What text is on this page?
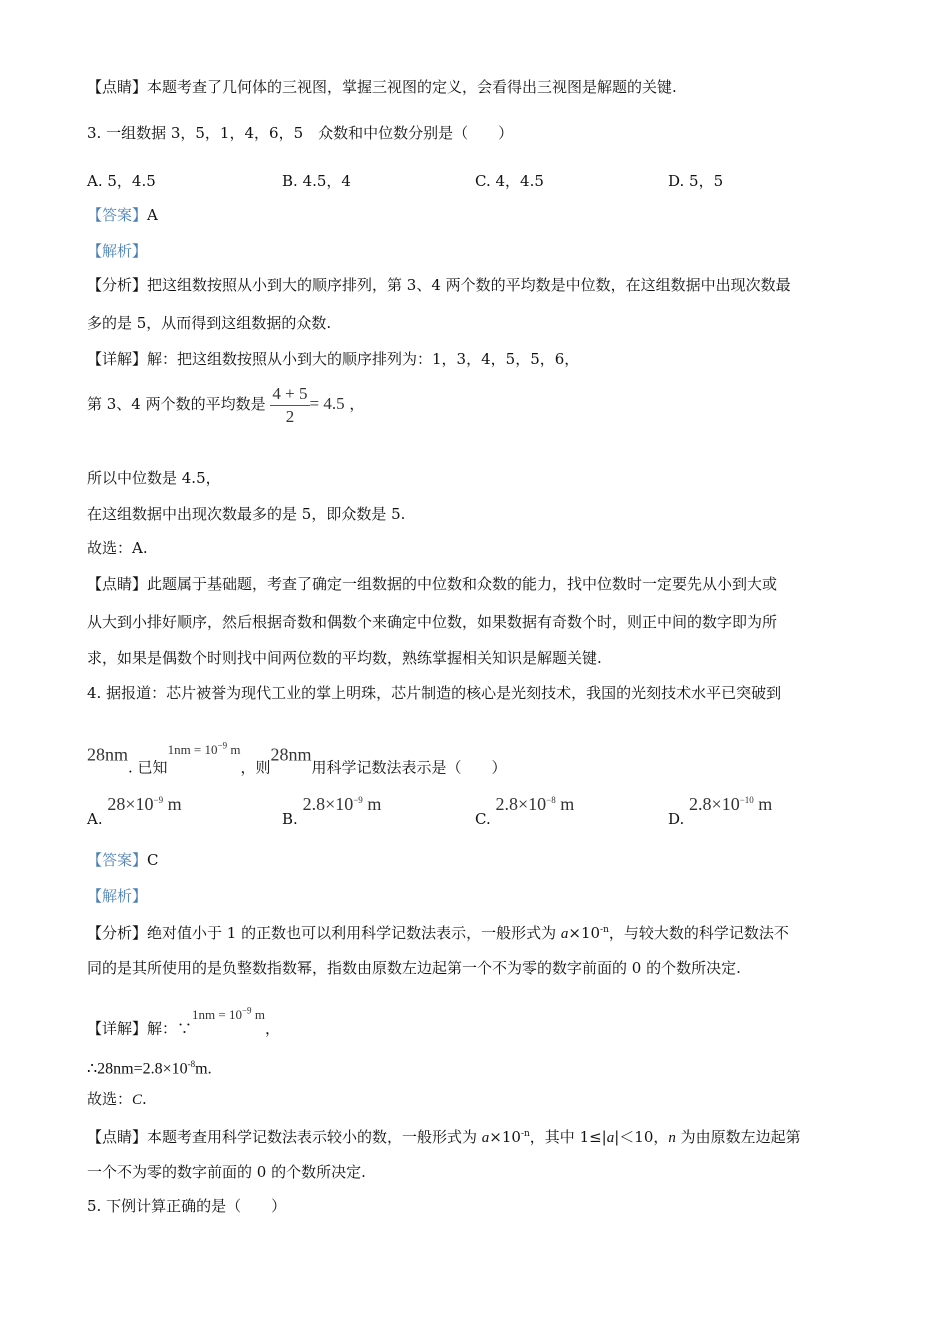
【点睛】本题考查了几何体的三视图，掌握三视图的定义，会看得出三视图是解题的关键.
3. 一组数据 3，5，1，4，6，5　众数和中位数分别是（　　）
A. 5，4.5	B. 4.5，4	C. 4，4.5	D. 5，5
【答案】A
【解析】
【分析】把这组数按照从小到大的顺序排列，第 3、4 两个数的平均数是中位数，在这组数据中出现次数最
多的是 5，从而得到这组数据的众数.
【详解】解：把这组数按照从小到大的顺序排列为：1，3，4，5，5，6，
第 3、4 两个数的平均数是 $\frac{4 + 5}{2} = 4.5$ ，
所以中位数是 4.5，
在这组数据中出现次数最多的是 5，即众数是 5.
故选：A.
【点睛】此题属于基础题，考查了确定一组数据的中位数和众数的能力，找中位数时一定要先从小到大或
从大到小排好顺序，然后根据奇数和偶数个来确定中位数，如果数据有奇数个时，则正中间的数字即为所
求，如果是偶数个时则找中间两位数的平均数，熟练掌握相关知识是解题关键.
4. 据报道：芯片被誉为现代工业的掌上明珠，芯片制造的核心是光刻技术，我国的光刻技术水平已突破到
28nm. 已知$1nm = 10^{-9}$ m，则28nm用科学记数法表示是（　　）
A. $28\times 10^{-9}$ m
B. $2.8\times 10^{-9}$ m
C. $2.8\times 10^{-8}$ m
D. $2.8\times 10^{-10}$ m
【答案】C
【解析】
【分析】绝对值小于 1 的正数也可以利用科学记数法表示，一般形式为 $a\times 10^{-n}$，与较大数的科学记数法不
同的是其所使用的是负整数指数幂，指数由原数左边起第一个不为零的数字前面的 0 的个数所决定.
【详解】解：∵1nm = $10^{-9}$ m，
$\therefore 28nm=2.8\times 10^{-8}m$.
故选：C.
【点睛】本题考查用科学记数法表示较小的数，一般形式为 $a\times 10^{-n}$，其中 1≤|a|＜10，n 为由原数左边起第
一个不为零的数字前面的 0 的个数所决定.
5. 下例计算正确的是（　　）
